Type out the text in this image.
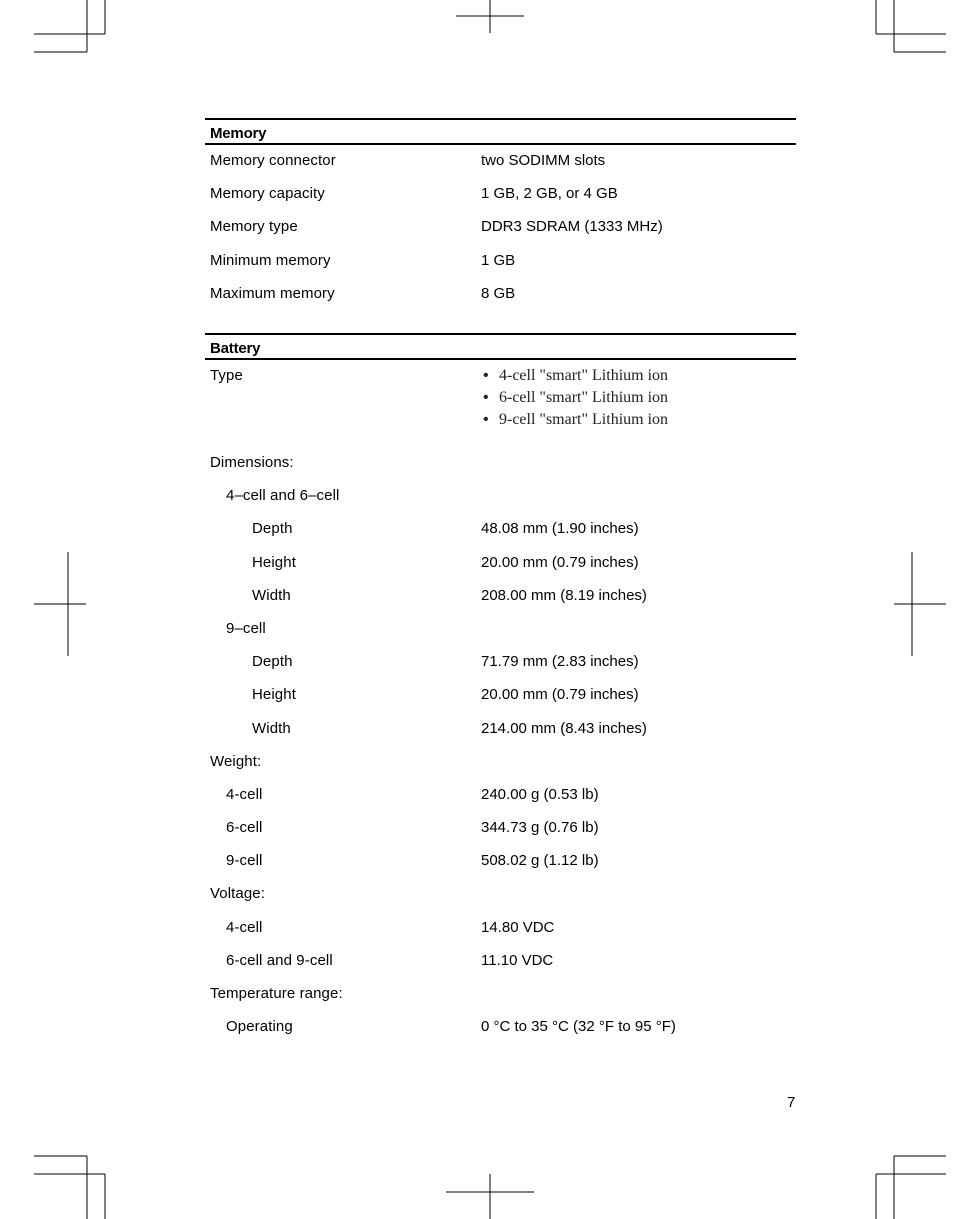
Memory
Memory connector	two SODIMM slots
Memory capacity	1 GB, 2 GB, or 4 GB
Memory type	DDR3 SDRAM (1333 MHz)
Minimum memory	1 GB
Maximum memory	8 GB
Battery
Type
•	4-cell "smart" Lithium ion
• 6-cell "smart" Lithium ion
• 9-cell "smart" Lithium ion
Dimensions:
4–cell and 6–cell
Depth	48.08 mm (1.90 inches)
Height	20.00 mm (0.79 inches)
Width	208.00 mm (8.19 inches)
9–cell
Depth	71.79 mm (2.83 inches)
Height	20.00 mm (0.79 inches)
Width	214.00 mm (8.43 inches)
Weight:
4-cell	240.00 g (0.53 lb)
6-cell	344.73 g (0.76 lb)
9-cell	508.02 g (1.12 lb)
Voltage:
4-cell	14.80 VDC
6-cell and 9-cell	11.10 VDC
Temperature range:
Operating	0 °C to 35 °C (32 °F to 95 °F)
7
